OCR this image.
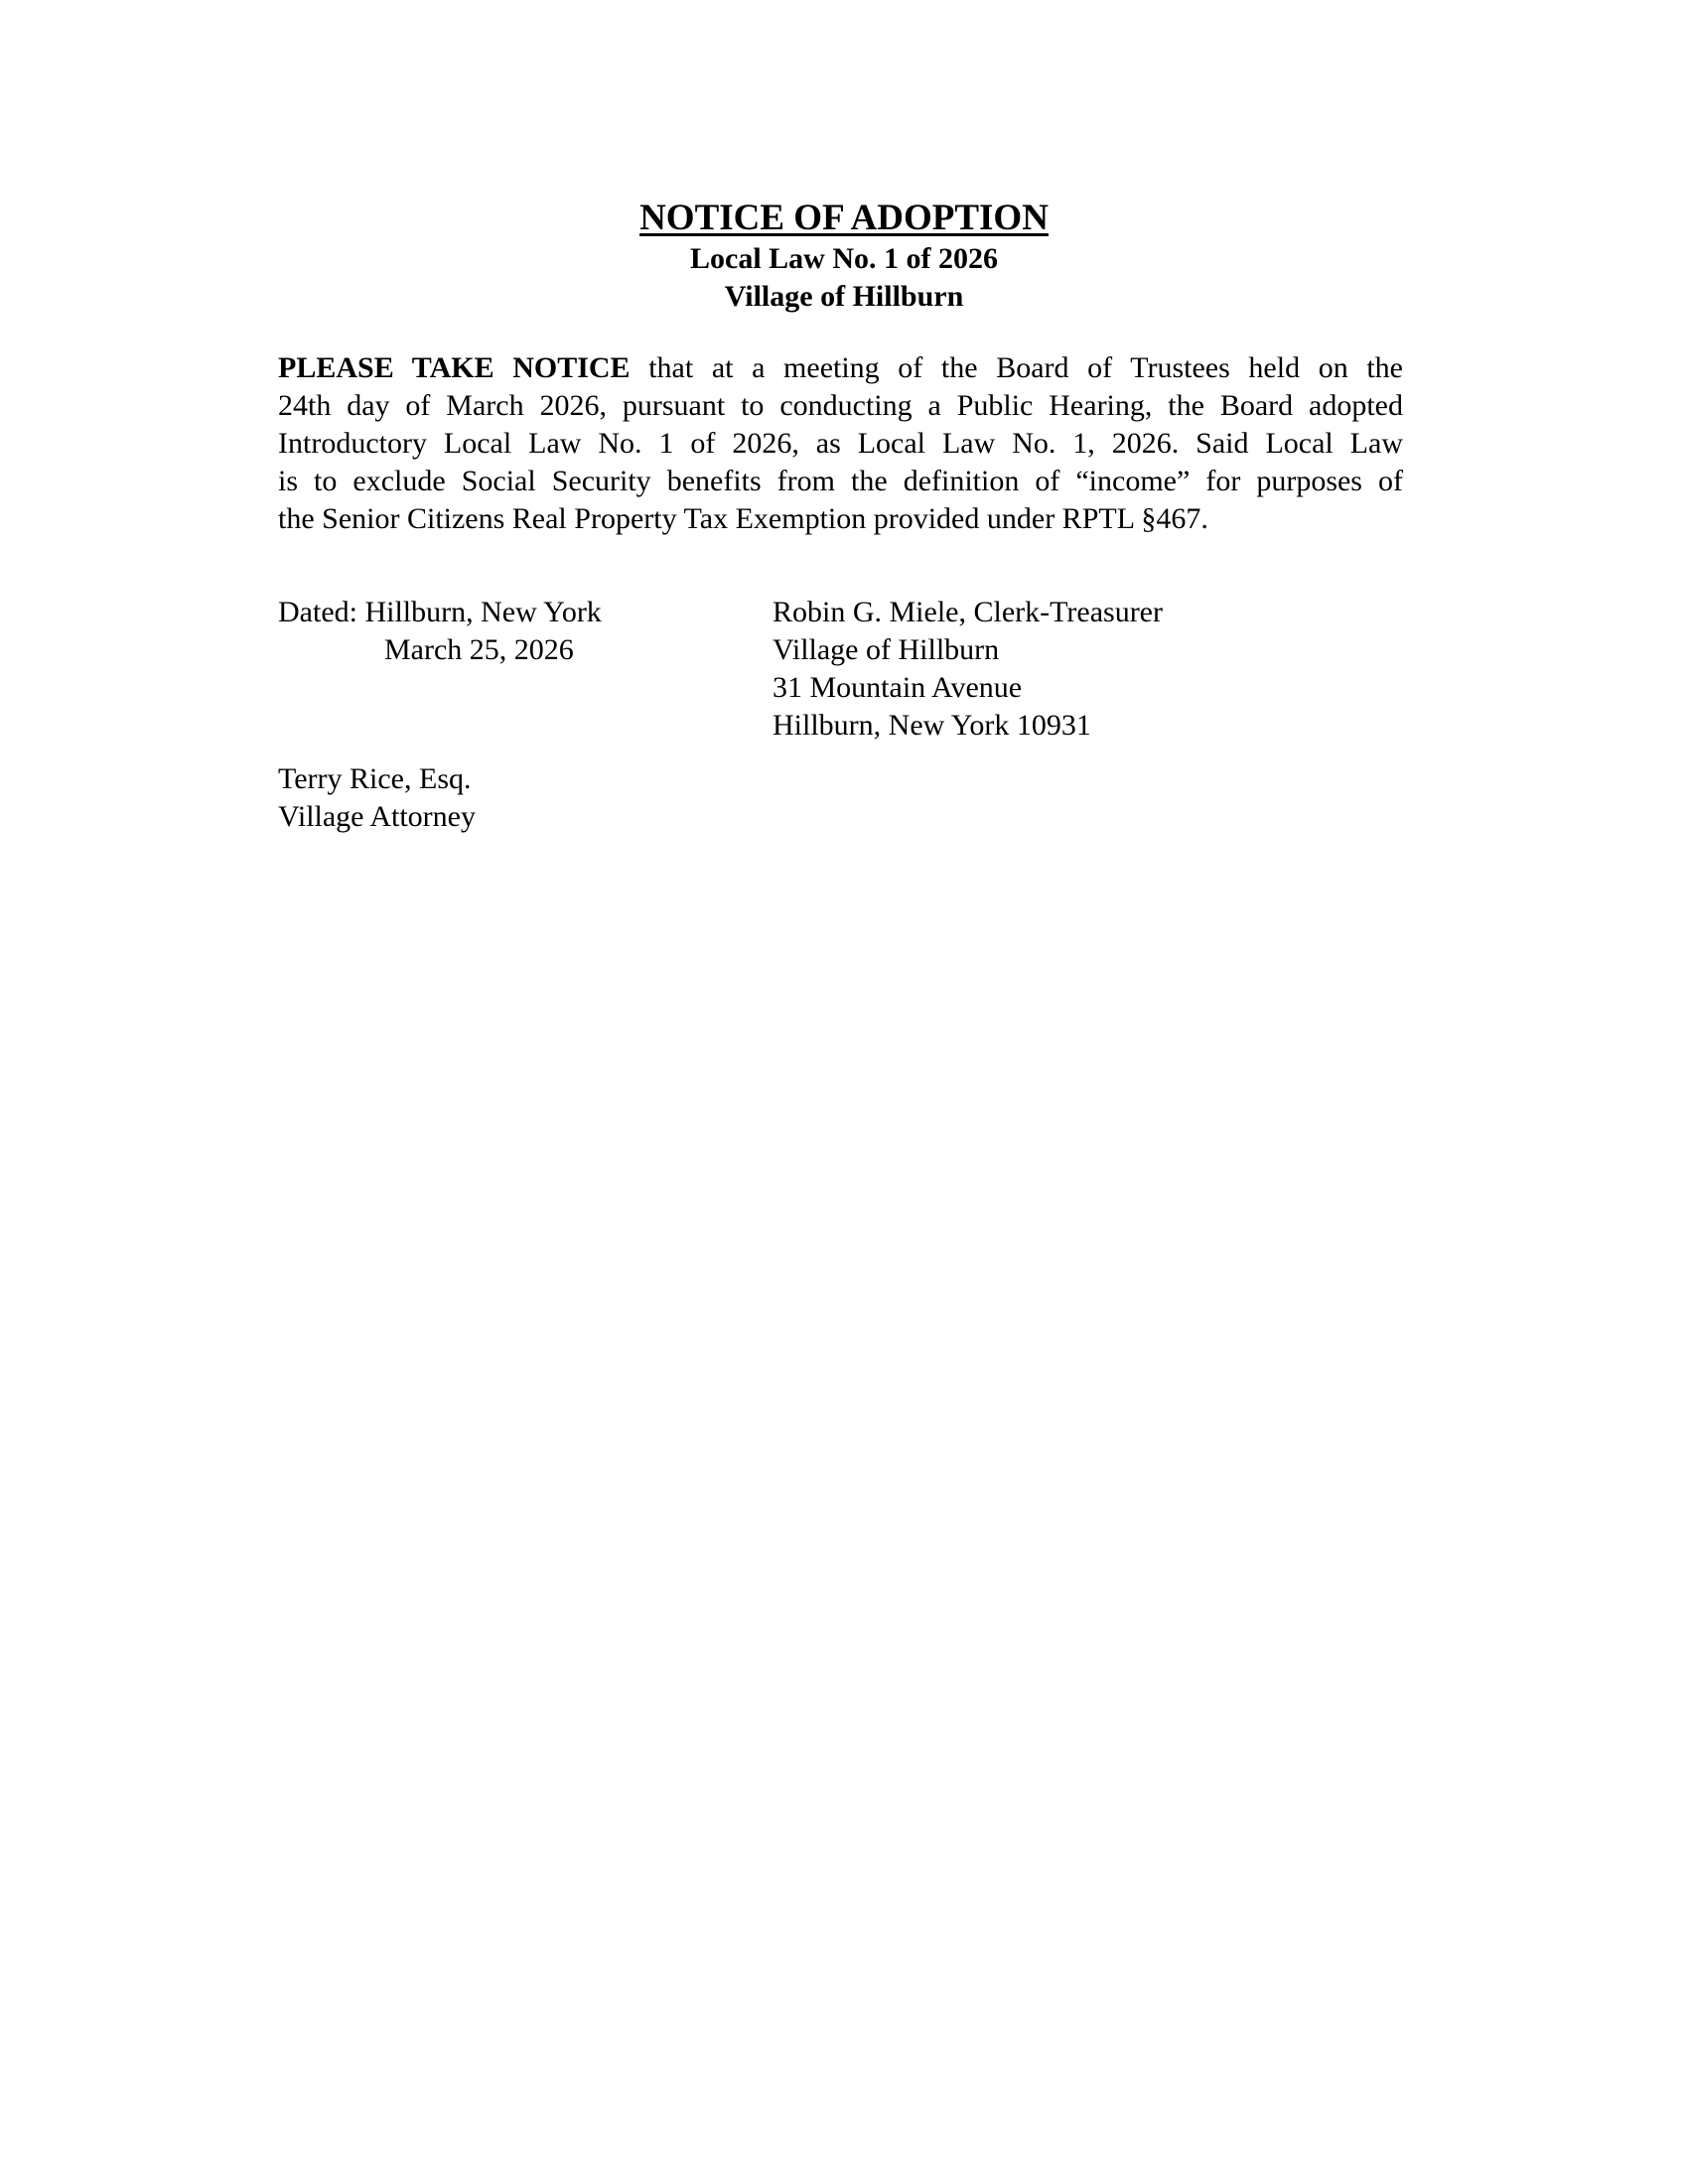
NOTICE OF ADOPTION
Local Law No. 1 of 2026
Village of Hillburn
PLEASE TAKE NOTICE that at a meeting of the Board of Trustees held on the
24th day of March 2026, pursuant to conducting a Public Hearing, the Board adopted
Introductory Local Law No. 1 of 2026, as Local Law No. 1, 2026. Said Local Law
is to exclude Social Security benefits from the definition of “income” for purposes of
the Senior Citizens Real Property Tax Exemption provided under RPTL §467.
Dated: Hillburn, New York
March 25, 2026
Robin G. Miele, Clerk-Treasurer
Village of Hillburn
31 Mountain Avenue
Hillburn, New York 10931
Terry Rice, Esq.
Village Attorney
